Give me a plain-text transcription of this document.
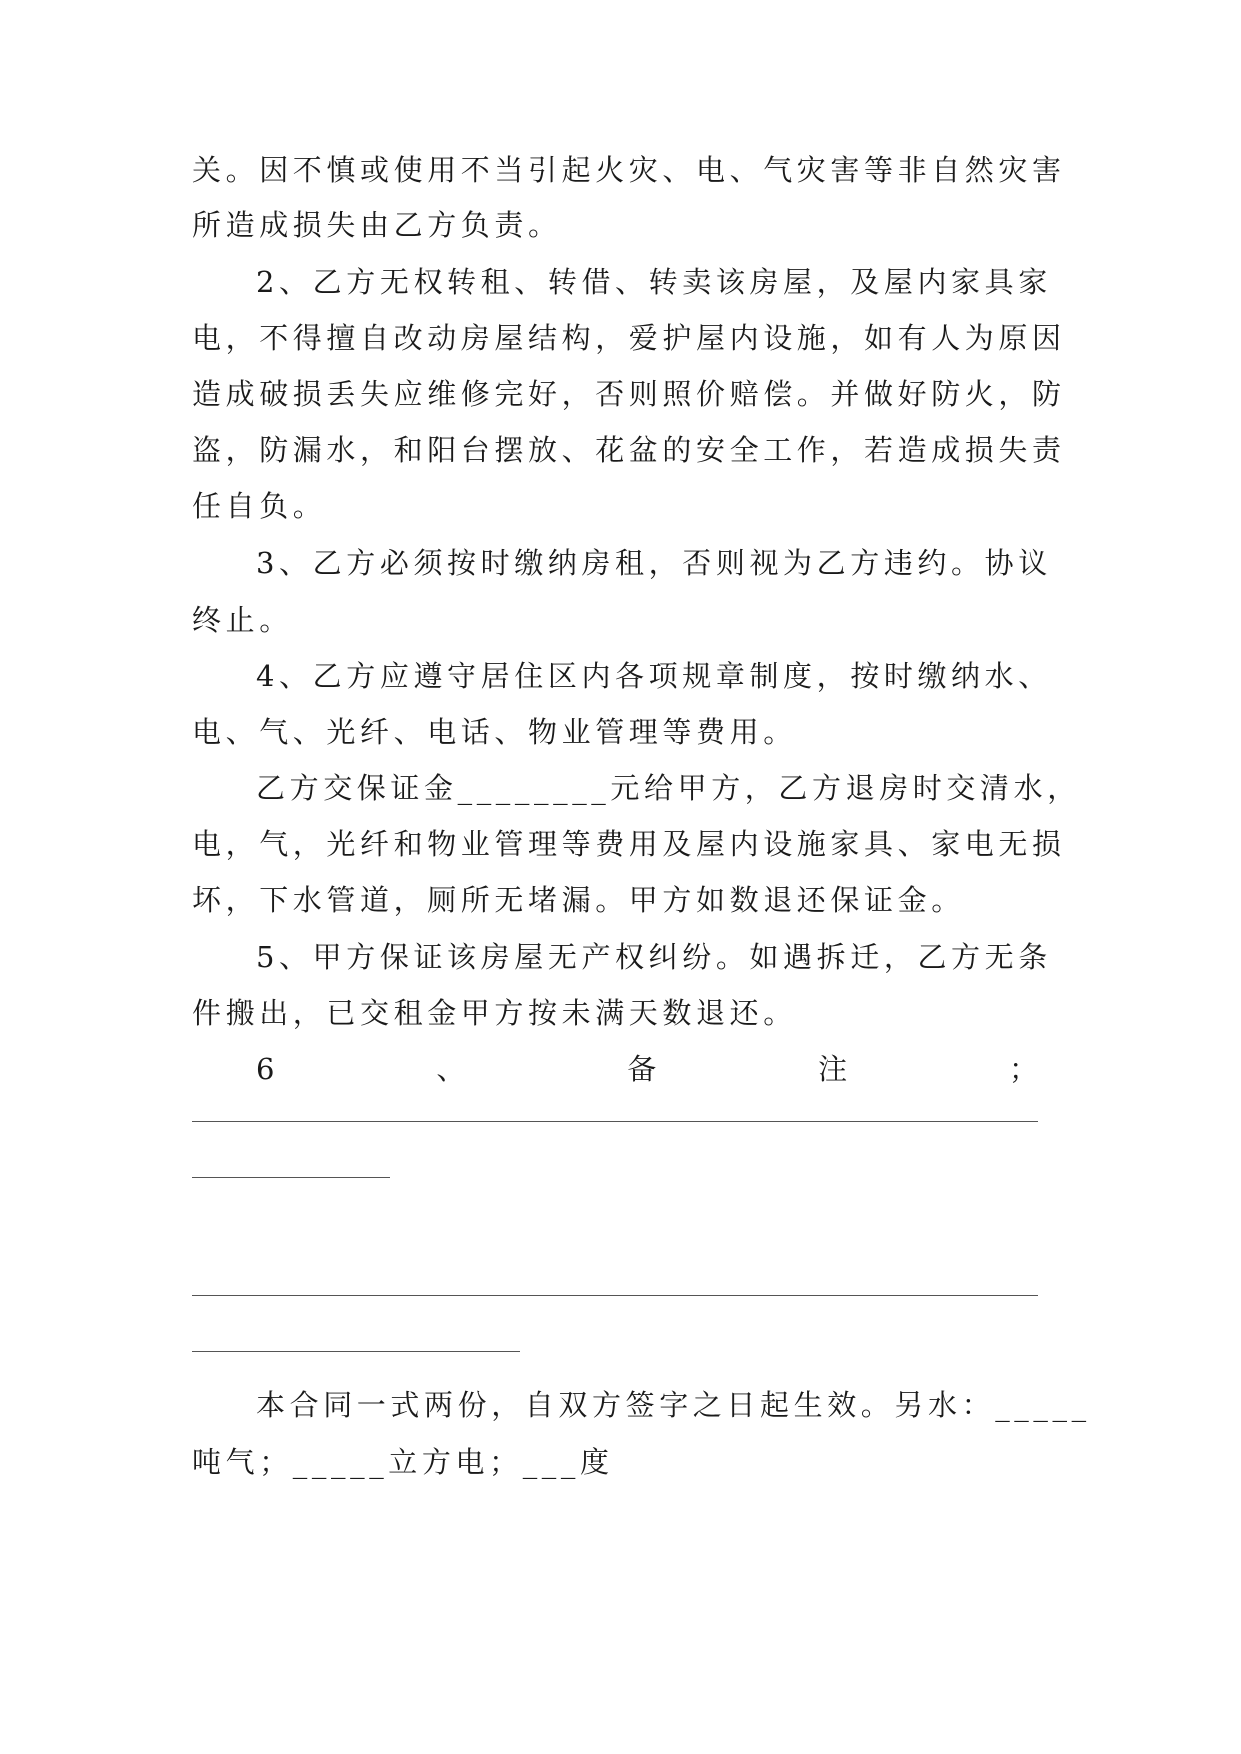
关。因不慎或使用不当引起火灾、电、气灾害等非自然灾害
所造成损失由乙方负责。
2、乙方无权转租、转借、转卖该房屋，及屋内家具家
电，不得擅自改动房屋结构，爱护屋内设施，如有人为原因
造成破损丢失应维修完好，否则照价赔偿。并做好防火，防
盗，防漏水，和阳台摆放、花盆的安全工作，若造成损失责
任自负。
3、乙方必须按时缴纳房租，否则视为乙方违约。协议
终止。
4、乙方应遵守居住区内各项规章制度，按时缴纳水、
电、气、光纤、电话、物业管理等费用。
乙方交保证金________元给甲方，乙方退房时交清水，
电，气，光纤和物业管理等费用及屋内设施家具、家电无损
坏，下水管道，厕所无堵漏。甲方如数退还保证金。
5、甲方保证该房屋无产权纠纷。如遇拆迁，乙方无条
件搬出，已交租金甲方按未满天数退还。
6	、	备	注	；
本合同一式两份，自双方签字之日起生效。另水：_____
吨气；_____立方电；___度
